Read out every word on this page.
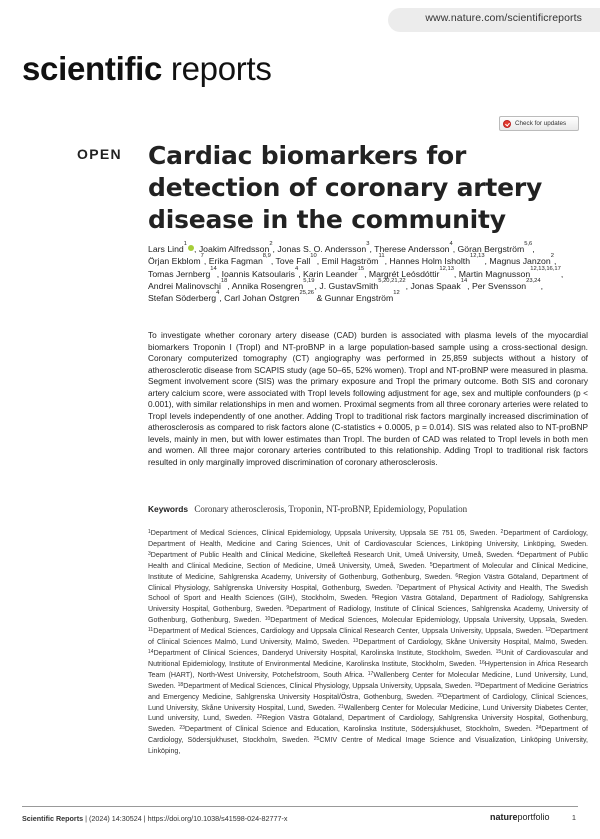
www.nature.com/scientificreports
scientific reports
Check for updates
OPEN Cardiac biomarkers for detection of coronary artery disease in the community
Lars Lind$^1$ , Joakim Alfredsson$^2$, Jonas S. O. Andersson$^3$, Therese Andersson$^4$, Göran Bergström$^{5,6}$, Örjan Ekblom$^7$, Erika Fagman$^{8,9}$, Tove Fall$^{10}$, Emil Hagström$^{11}$, Hannes Holm Isholth$^{12,13}$, Magnus Janzon$^2$, Tomas Jernberg$^{14}$, Ioannis Katsoularis$^4$, Karin Leander$^{15}$, Margrét Leósdóttir$^{12,13}$, Martin Magnusson$^{12,13,16,17}$, Andrei Malinovschi$^{18}$, Annika Rosengren$^{5,19}$, J. GustavSmith$^{5,20,21,22}$, Jonas Spaak$^{14}$, Per Svensson$^{23,24}$, Stefan Söderberg$^4$, Carl Johan Östgren$^{25,26}$ & Gunnar Engström$^{12}$

To investigate whether coronary artery disease (CAD) burden is associated with plasma levels of the myocardial biomarkers Troponin I (TropI) and NT-proBNP in a large population-based sample using a cross-sectional design. Coronary computerized tomography (CT) angiography was performed in 25,859 subjects without a history of atherosclerotic disease from SCAPIS study (age 50–65, 52% women). TropI and NT-proBNP were measured in plasma. Segment involvement score (SIS) was the primary exposure and TropI the primary outcome. Both SIS and coronary artery calcium score, were associated with TropI levels following adjustment for age, sex and multiple confounders (p < 0.001), with similar relationships in men and women. Proximal segments from all three coronary arteries were related to TropI levels independently of one another. Adding TropI to traditional risk factors marginally increased discrimination of atherosclerosis as compared to risk factors alone (C-statistics + 0.0005, p = 0.014). SIS was related also to NT-proBNP levels, mainly in men, but with lower estimates than TropI. The burden of CAD was related to TropI levels in both men and women. All three major coronary arteries contributed to this relationship. Adding TropI to traditional risk factors resulted in only marginally improved discrimination of coronary atherosclerosis.

Keywords Coronary atherosclerosis, Troponin, NT-proBNP, Epidemiology, Population
$^1$Department of Medical Sciences, Clinical Epidemiology, Uppsala University, Uppsala SE 751 05, Sweden. $^2$Department of Cardiology, Department of Health, Medicine and Caring Sciences, Unit of Cardiovascular Sciences, Linköping University, Linköping, Sweden. $^3$Department of Public Health and Clinical Medicine, Skellefteå Research Unit, Umeå University, Umeå, Sweden. $^4$Department of Public Health and Clinical Medicine, Section of Medicine, Umeå University, Umeå, Sweden. $^5$Department of Molecular and Clinical Medicine, Institute of Medicine, Sahlgrenska Academy, University of Gothenburg, Gothenburg, Sweden. $^6$Region Västra Götaland, Department of Clinical Physiology, Sahlgrenska University Hospital, Gothenburg, Sweden. $^7$Department of Physical Activity and Health, The Swedish School of Sport and Health Sciences (GIH), Stockholm, Sweden. $^8$Region Västra Götaland, Department of Radiology, Sahlgrenska University Hospital, Gothenburg, Sweden. $^9$Department of Radiology, Institute of Clinical Sciences, Sahlgrenska Academy, University of Gothenburg, Gothenburg, Sweden. $^{10}$Department of Medical Sciences, Molecular Epidemiology, Uppsala University, Uppsala, Sweden. $^{11}$Department of Medical Sciences, Cardiology and Uppsala Clinical Research Center, Uppsala University, Uppsala, Sweden. $^{12}$Department of Clinical Sciences Malmö, Lund University, Malmö, Sweden. $^{13}$Department of Cardiology, Skåne University Hospital, Malmö, Sweden. $^{14}$Department of Clinical Sciences, Danderyd University Hospital, Karolinska Institute, Stockholm, Sweden. $^{15}$Unit of Cardiovascular and Nutritional Epidemiology, Institute of Environmental Medicine, Karolinska Institute, Stockholm, Sweden. $^{16}$Hypertension in Africa Research Team (HART), North-West University, Potchefstroom, South Africa. $^{17}$Wallenberg Center for Molecular Medicine, Lund University, Lund, Sweden. $^{18}$Department of Medical Sciences, Clinical Physiology, Uppsala University, Uppsala, Sweden. $^{19}$Department of Medicine Geriatrics and Emergency Medicine, Sahlgrenska University Hospital/Östra, Gothenburg, Sweden. $^{20}$Department of Cardiology, Clinical Sciences, Lund University, Skåne University Hospital, Lund, Sweden. $^{21}$Wallenberg Center for Molecular Medicine, Lund University Diabetes Center, Lund university, Lund, Sweden. $^{22}$Region Västra Götaland, Department of Cardiology, Sahlgrenska University Hospital, Gothenburg, Sweden. $^{23}$Department of Clinical Science and Education, Karolinska Institute, Södersjukhuset, Stockholm, Sweden. $^{24}$Department of Cardiology, Södersjukhuset, Stockholm, Sweden. $^{25}$CMIV Centre of Medical Image Science and Visualization, Linköping University, Linköping,
Scientific Reports | (2024) 14:30524 | https://doi.org/10.1038/s41598-024-82777-x	natureportfolio	1
